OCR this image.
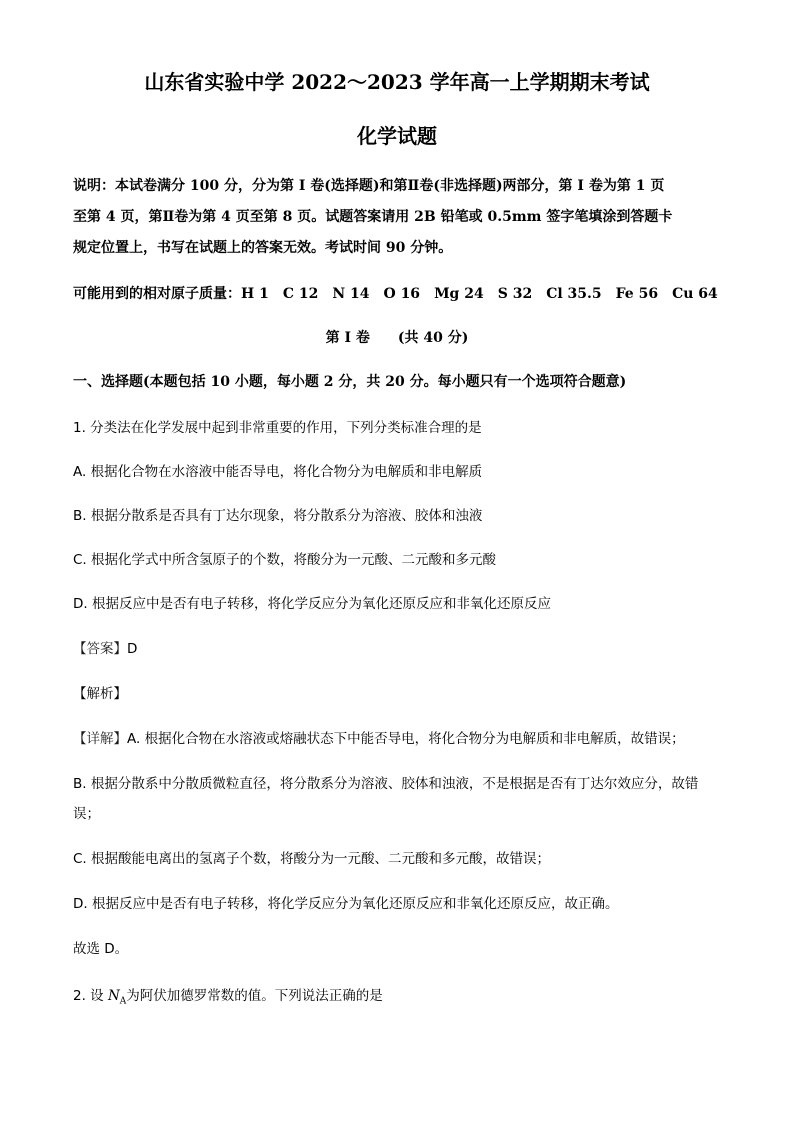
山东省实验中学 2022～2023 学年高一上学期期末考试
化学试题
说明：本试卷满分 100 分，分为第 I 卷(选择题)和第Ⅱ卷(非选择题)两部分，第 I 卷为第 1 页
至第 4 页，第Ⅱ卷为第 4 页至第 8 页。试题答案请用 2B 铅笔或 0.5mm 签字笔填涂到答题卡
规定位置上，书写在试题上的答案无效。考试时间 90 分钟。
可能用到的相对原子质量：H 1 C 12 N 14 O 16 Mg 24 S 32 Cl 35.5 Fe 56 Cu 64
第 I 卷 (共 40 分)
一、选择题(本题包括 10 小题，每小题 2 分，共 20 分。每小题只有一个选项符合题意)
1. 分类法在化学发展中起到非常重要的作用，下列分类标准合理的是
A. 根据化合物在水溶液中能否导电，将化合物分为电解质和非电解质
B. 根据分散系是否具有丁达尔现象，将分散系分为溶液、胶体和浊液
C. 根据化学式中所含氢原子的个数，将酸分为一元酸、二元酸和多元酸
D. 根据反应中是否有电子转移，将化学反应分为氧化还原反应和非氧化还原反应
【答案】D
【解析】
【详解】A. 根据化合物在水溶液或熔融状态下中能否导电，将化合物分为电解质和非电解质，故错误；
B. 根据分散系中分散质微粒直径，将分散系分为溶液、胶体和浊液，不是根据是否有丁达尔效应分，故错
误；
C. 根据酸能电离出的氢离子个数，将酸分为一元酸、二元酸和多元酸，故错误；
D. 根据反应中是否有电子转移，将化学反应分为氧化还原反应和非氧化还原反应，故正确。
故选 D。
2. 设 $N_A$为阿伏加德罗常数的值。下列说法正确的是
